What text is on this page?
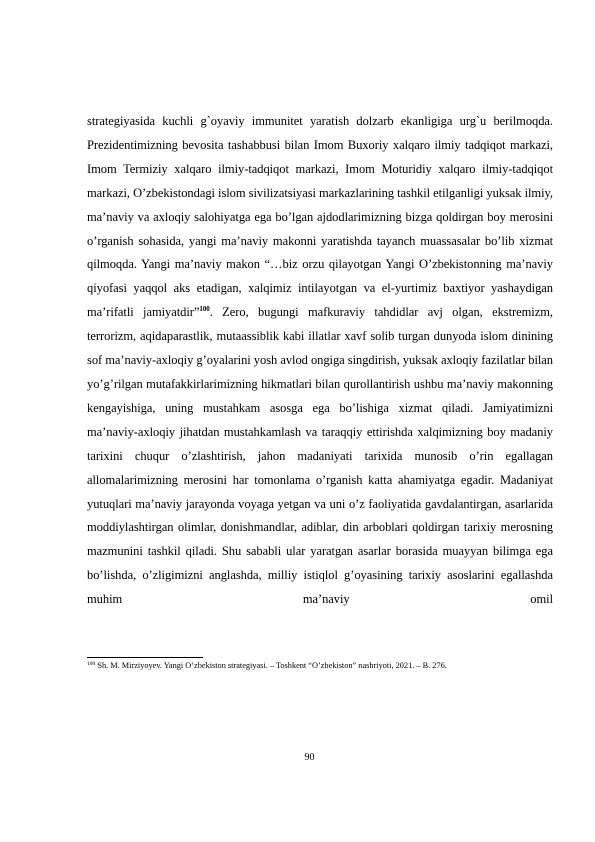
strategiyasida kuchli g`oyaviy immunitet yaratish dolzarb ekanligiga urg`u berilmoqda. Prezidentimizning bevosita tashabbusi bilan Imom Buxoriy xalqaro ilmiy tadqiqot markazi, Imom Termiziy xalqaro ilmiy-tadqiqot markazi, Imom Moturidiy xalqaro ilmiy-tadqiqot markazi, O’zbekistondagi islom sivilizatsiyasi markazlarining tashkil etilganligi yuksak ilmiy, ma’naviy va axloqiy salohiyatga ega bo’lgan ajdodlarimizning bizga qoldirgan boy merosini o’rganish sohasida, yangi ma’naviy makonni yaratishda tayanch muassasalar bo’lib xizmat qilmoqda. Yangi ma’naviy makon “…biz orzu qilayotgan Yangi O’zbekistonning ma’naviy qiyofasi yaqqol aks etadigan, xalqimiz intilayotgan va el-yurtimiz baxtiyor yashaydigan ma’rifatli jamiyatdir”$^{100}$. Zero, bugungi mafkuraviy tahdidlar avj olgan, ekstremizm, terrorizm, aqidaparastlik, mutaassiblik kabi illatlar xavf solib turgan dunyoda islom dinining sof ma’naviy-axloqiy g’oyalarini yosh avlod ongiga singdirish, yuksak axloqiy fazilatlar bilan yo’g’rilgan mutafakkirlarimizning hikmatlari bilan qurollantirish ushbu ma’naviy makonning kengayishiga, uning mustahkam asosga ega bo’lishiga xizmat qiladi. Jamiyatimizni ma’naviy-axloqiy jihatdan mustahkamlash va taraqqiy ettirishda xalqimizning boy madaniy tarixini chuqur o’zlashtirish, jahon madaniyati tarixida munosib o’rin egallagan allomalarimizning merosini har tomonlama o’rganish katta ahamiyatga egadir. Madaniyat yutuqlari ma’naviy jarayonda voyaga yetgan va uni o’z faoliyatida gavdalantirgan, asarlarida moddiylashtirgan olimlar, donishmandlar, adiblar, din arboblari qoldirgan tarixiy merosning mazmunini tashkil qiladi. Shu sababli ular yaratgan asarlar borasida muayyan bilimga ega bo’lishda, o’zligimizni anglashda, milliy istiqlol g’oyasining tarixiy asoslarini egallashda muhim ma’naviy omil

$^{100}$ Sh. M. Mirziyoyev. Yangi O’zbekiston strategiyasi. – Toshkent “O’zbekiston” nashriyoti, 2021. – B. 276.
90
